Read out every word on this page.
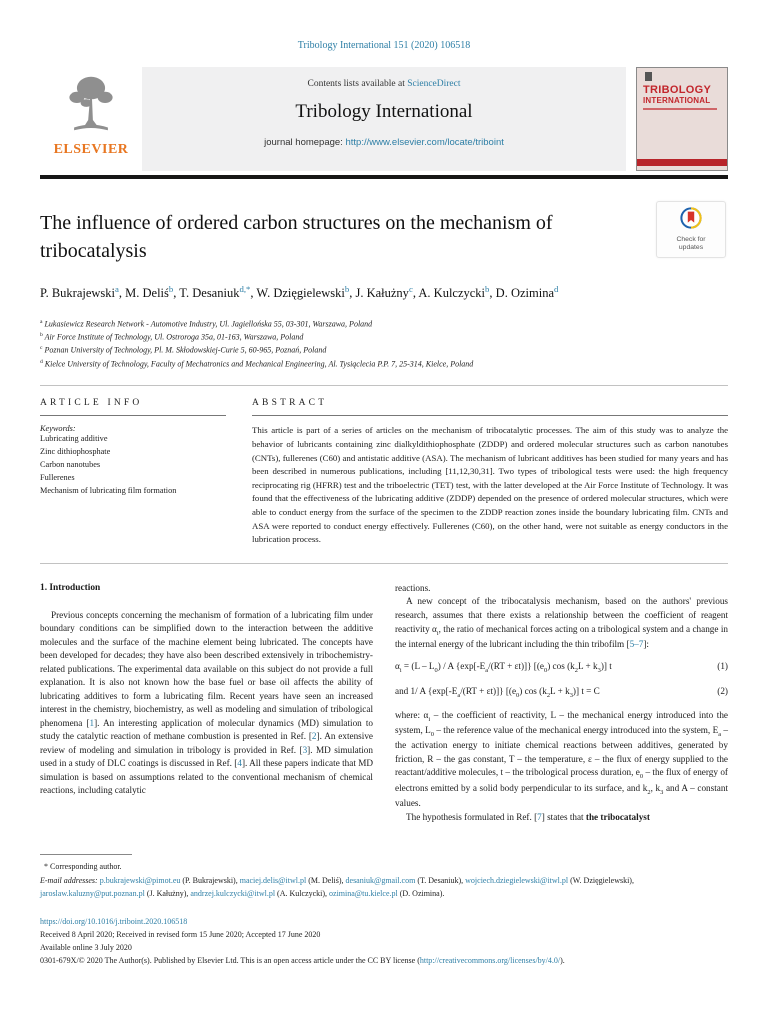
Tribology International 151 (2020) 106518
ELSEVIER
Contents lists available at ScienceDirect
Tribology International
journal homepage: http://www.elsevier.com/locate/triboint
TRIBOLOGY
INTERNATIONAL
The influence of ordered carbon structures on the mechanism of tribocatalysis
Check for
updates
P. Bukrajewski$^a$, M. Deliś$^b$, T. Desaniuk$^{d,*}$, W. Dzięgielewski$^b$, J. Kałużny$^c$, A. Kulczycki$^b$, D. Ozimina$^d$
$^a$ Lukasiewicz Research Network - Automotive Industry, Ul. Jagiellońska 55, 03-301, Warszawa, Poland
$^b$ Air Force Institute of Technology, Ul. Ostroroga 35a, 01-163, Warszawa, Poland
$^c$ Poznan University of Technology, Pl. M. Skłodowskiej-Curie 5, 60-965, Poznań, Poland
$^d$ Kielce University of Technology, Faculty of Mechatronics and Mechanical Engineering, Al. Tysiąclecia P.P. 7, 25-314, Kielce, Poland
ARTICLE INFO
Keywords:
Lubricating additive
Zinc dithiophosphate
Carbon nanotubes
Fullerenes
Mechanism of lubricating film formation
ABSTRACT
This article is part of a series of articles on the mechanism of tribocatalytic processes. The aim of this study was to analyze the behavior of lubricants containing zinc dialkyldithiophosphate (ZDDP) and ordered molecular structures such as carbon nanotubes (CNTs), fullerenes (C60) and antistatic additive (ASA). The mechanism of lubricant additives has been studied for many years and has been described in numerous publications, including [11,12,30,31]. Two types of tribological tests were used: the high frequency reciprocating rig (HFRR) test and the triboelectric (TET) test, with the latter developed at the Air Force Institute of Technology. It was found that the effectiveness of the lubricating additive (ZDDP) depended on the presence of ordered molecular structures, which were able to conduct energy from the surface of the specimen to the ZDDP reaction zones inside the boundary lubricating film. CNTs and ASA were reported to conduct energy effectively. Fullerenes (C60), on the other hand, were not suitable as energy conductors in the lubrication process.

1. Introduction

Previous concepts concerning the mechanism of formation of a lubricating film under boundary conditions can be simplified down to the interaction between the additive molecules and the surface of the machine element being lubricated. The concepts have been developed for decades; they have also been described extensively in tribochemistry-related publications. The experimental data available on this subject do not provide a full explanation. It is also not known how the base fuel or base oil affects the ability of lubricating additives to form a lubricating film. Recent years have seen an increased interest in the chemistry, biochemistry, as well as modeling and simulation of tribological phenomena [1]. An interesting application of molecular dynamics (MD) simulation to study the catalytic reaction of methane combustion is presented in Ref. [2]. An extensive review of modeling and simulation in tribology is provided in Ref. [3]. MD simulation used in a study of DLC coatings is discussed in Ref. [4]. All these papers indicate that MD simulation is based on assumptions related to the conventional mechanism of chemical reactions, including catalytic

reactions.

A new concept of the tribocatalysis mechanism, based on the authors' previous research, assumes that there exists a relationship between the coefficient of reagent reactivity $\alpha_i$, the ratio of mechanical forces acting on a tribological system and a change in the internal energy of the lubricant including the thin tribofilm [5–7]:

$\alpha_i = (L - L_0) / A$ $\{\exp[-E_a/(RT + \varepsilon t)]\}$ [$(e_0)$ $\cos (k_2L + k_3)$] t	(1)
and 1/ A $\{\exp[-E_a/(RT + \varepsilon t)]\}$ [$(e_0)$ $\cos (k_2L + k_3)$] t = C	(2)

where: $\alpha_i$ – the coefficient of reactivity, L – the mechanical energy introduced into the system, $L_0$ – the reference value of the mechanical energy introduced into the system, $E_a$ – the activation energy to initiate chemical reactions between additives, generated by friction, R – the gas constant, T – the temperature, ε – the flux of energy supplied to the reactant/additive molecules, t – the tribological process duration, $e_0$ – the flux of energy of electrons emitted by a solid body perpendicular to its surface, and $k_2$, $k_3$ and A – constant values.

The hypothesis formulated in Ref. [7] states that the tribocatalyst

* Corresponding author.

E-mail addresses: p.bukrajewski@pimot.eu (P. Bukrajewski), maciej.delis@itwl.pl (M. Deliś), desaniuk@gmail.com (T. Desaniuk), wojciech.dziegielewski@itwl.pl (W. Dzięgielewski), jaroslaw.kaluzny@put.poznan.pl (J. Kałużny), andrzej.kulczycki@itwl.pl (A. Kulczycki), ozimina@tu.kielce.pl (D. Ozimina).

https://doi.org/10.1016/j.triboint.2020.106518
Received 8 April 2020; Received in revised form 15 June 2020; Accepted 17 June 2020
Available online 3 July 2020
0301-679X/© 2020 The Author(s). Published by Elsevier Ltd. This is an open access article under the CC BY license (http://creativecommons.org/licenses/by/4.0/).
